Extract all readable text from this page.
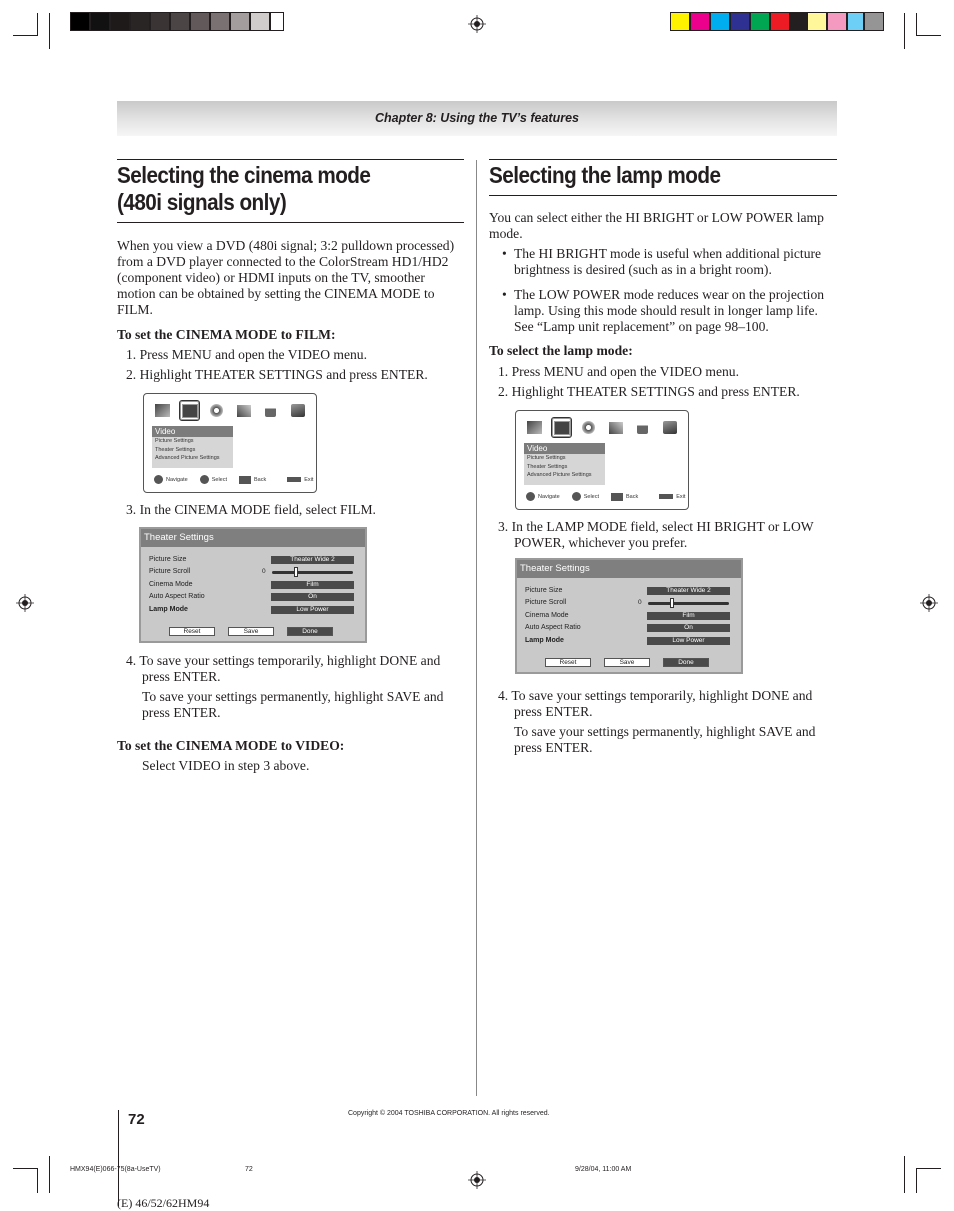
Chapter 8: Using the TV’s features
Selecting the cinema mode
(480i signals only)

When you view a DVD (480i signal; 3:2 pulldown processed)

from a DVD player connected to the ColorStream HD1/HD2

(component video) or HDMI inputs on the TV, smoother

motion can be obtained by setting the CINEMA MODE to

FILM.

To set the CINEMA MODE to FILM:

1. Press MENU and open the VIDEO menu.

2. Highlight THEATER SETTINGS and press ENTER.

Video
Picture Settings
Theater Settings
Advanced Picture Settings
Navigate	Select	Back	Exit

3. In the CINEMA MODE field, select FILM.

Theater Settings
Picture Size	Theater Wide 2
Picture Scroll	0
Cinema Mode	Film
Auto Aspect Ratio	On
Lamp Mode	Low Power
Reset	Save	Done

4. To save your settings temporarily, highlight DONE and

press ENTER.

To save your settings permanently, highlight SAVE and

press ENTER.

To set the CINEMA MODE to VIDEO:

Select VIDEO in step 3 above.

Selecting the lamp mode

You can select either the HI BRIGHT or LOW POWER lamp

mode.

• The HI BRIGHT mode is useful when additional picture

brightness is desired (such as in a bright room).

• The LOW POWER mode reduces wear on the projection

lamp. Using this mode should result in longer lamp life.

See “Lamp unit replacement” on page 98–100.

To select the lamp mode:

1. Press MENU and open the VIDEO menu.

2. Highlight THEATER SETTINGS and press ENTER.

Video
Picture Settings
Theater Settings
Advanced Picture Settings
Navigate	Select	Back	Exit

3. In the LAMP MODE field, select HI BRIGHT or LOW

POWER, whichever you prefer.

Theater Settings
Picture Size	Theater Wide 2
Picture Scroll	0
Cinema Mode	Film
Auto Aspect Ratio	On
Lamp Mode	Low Power
Reset	Save	Done

4. To save your settings temporarily, highlight DONE and

press ENTER.

To save your settings permanently, highlight SAVE and

press ENTER.

72	Copyright © 2004 TOSHIBA CORPORATION. All rights reserved.
HMX94(E)066-75(8a-UseTV)	72	9/28/04, 11:00 AM
(E) 46/52/62HM94
